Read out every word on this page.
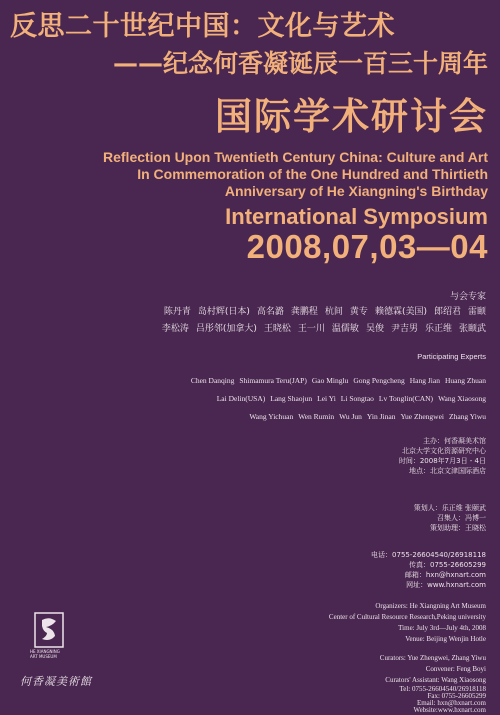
反思二十世纪中国：文化与艺术
——纪念何香凝诞辰一百三十周年
国际学术研讨会
Reflection Upon Twentieth Century China: Culture and Art
In Commemoration of the One Hundred and Thirtieth
Anniversary of He Xiangning's Birthday
International Symposium
2008,07,03—04
与会专家
陈丹青 岛村辉(日本) 高名潞 龚鹏程 杭间 黄专 赖德霖(美国) 郎绍君 雷颐
李松涛 吕彤邻(加拿大) 王晓松 王一川 温儒敏 吴俊 尹吉男 乐正维 张颐武
Participating Experts
Chen Danqing Shimamura Teru(JAP) Gao Minglu Gong Pengcheng Hang Jian Huang Zhuan
Lai Delin(USA) Lang Shaojun Lei Yi Li Songtao Lv Tonglin(CAN) Wang Xiaosong
Wang Yichuan Wen Rumin Wu Jun Yin Jinan Yue Zhengwei Zhang Yiwu
主办： 何香凝美术馆
北京大学文化资源研究中心
时间： 2008年7月3日 - 4日
地点： 北京文津国际酒店
策划人： 乐正维 张颐武
召集人： 冯博一
策划助理： 王晓松
电话： 0755-26604540/26918118
传真： 0755-26605299
邮箱： hxn@hxnart.com
网址： www.hxnart.com
Organizers: He Xiangning Art Museum
Center of Cultural Resource Research,Peking university
Time: July 3rd—July 4th, 2008
Venue: Beijing Wenjin Hotle
Curators: Yue Zhengwei, Zhang Yiwu
Convener: Feng Boyi
Curators' Assistant: Wang Xiaosong
Tel: 0755-26604540/26918118
Fax: 0755-26605299
Email: hxn@hxnart.com
Website:www.hxnart.com
HE XIANGNING
ART MUSEUM
何香凝美術館
